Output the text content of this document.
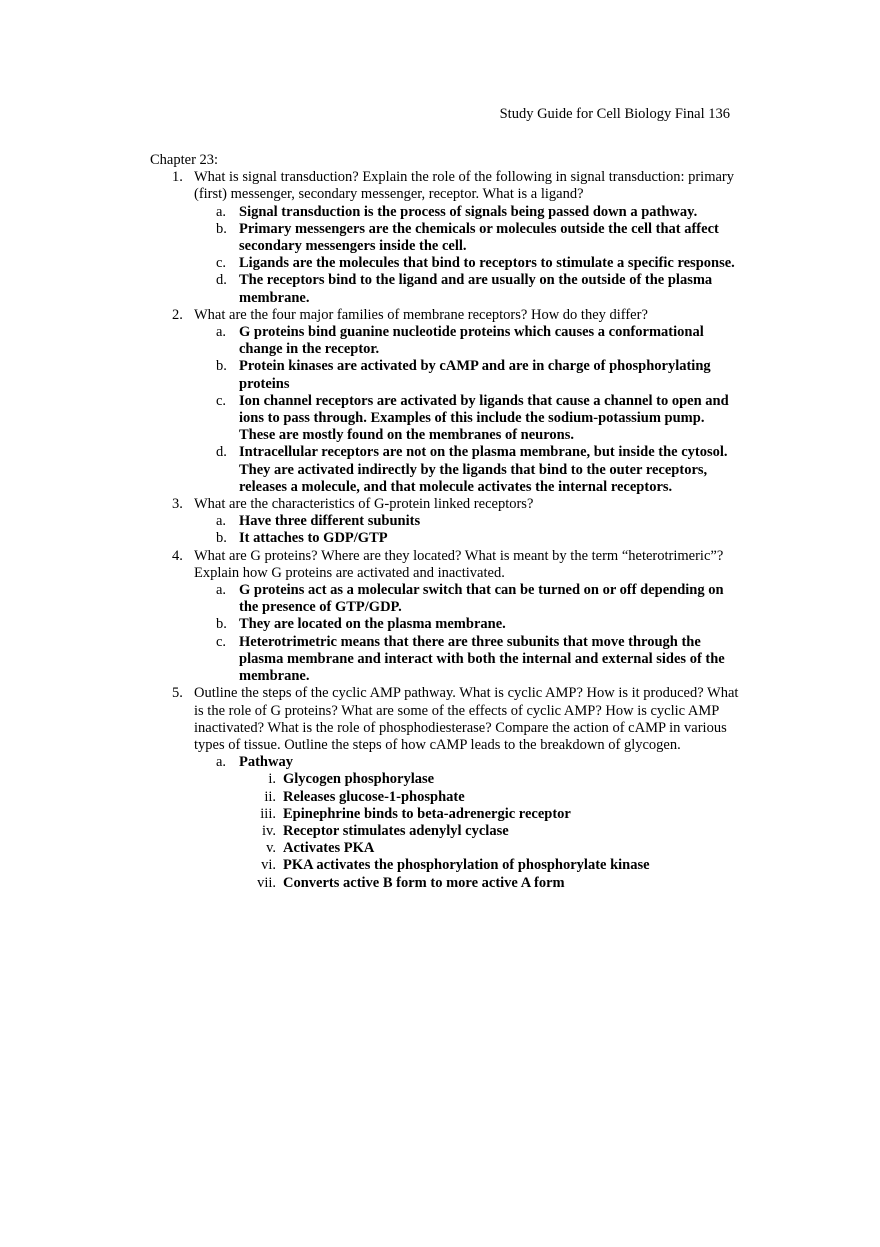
Study Guide for Cell Biology Final 136
Chapter 23:
1. What is signal transduction? Explain the role of the following in signal transduction: primary (first) messenger, secondary messenger, receptor. What is a ligand?
a. Signal transduction is the process of signals being passed down a pathway.
b. Primary messengers are the chemicals or molecules outside the cell that affect secondary messengers inside the cell.
c. Ligands are the molecules that bind to receptors to stimulate a specific response.
d. The receptors bind to the ligand and are usually on the outside of the plasma membrane.
2. What are the four major families of membrane receptors? How do they differ?
a. G proteins bind guanine nucleotide proteins which causes a conformational change in the receptor.
b. Protein kinases are activated by cAMP and are in charge of phosphorylating proteins
c. Ion channel receptors are activated by ligands that cause a channel to open and ions to pass through. Examples of this include the sodium-potassium pump. These are mostly found on the membranes of neurons.
d. Intracellular receptors are not on the plasma membrane, but inside the cytosol. They are activated indirectly by the ligands that bind to the outer receptors, releases a molecule, and that molecule activates the internal receptors.
3. What are the characteristics of G-protein linked receptors?
a. Have three different subunits
b. It attaches to GDP/GTP
4. What are G proteins? Where are they located? What is meant by the term “heterotrimeric”? Explain how G proteins are activated and inactivated.
a. G proteins act as a molecular switch that can be turned on or off depending on the presence of GTP/GDP.
b. They are located on the plasma membrane.
c. Heterotrimetric means that there are three subunits that move through the plasma membrane and interact with both the internal and external sides of the membrane.
5. Outline the steps of the cyclic AMP pathway. What is cyclic AMP? How is it produced? What is the role of G proteins? What are some of the effects of cyclic AMP? How is cyclic AMP inactivated? What is the role of phosphodiesterase? Compare the action of cAMP in various types of tissue. Outline the steps of how cAMP leads to the breakdown of glycogen.
a. Pathway
i. Glycogen phosphorylase
ii. Releases glucose-1-phosphate
iii. Epinephrine binds to beta-adrenergic receptor
iv. Receptor stimulates adenylyl cyclase
v. Activates PKA
vi. PKA activates the phosphorylation of phosphorylate kinase
vii. Converts active B form to more active A form
